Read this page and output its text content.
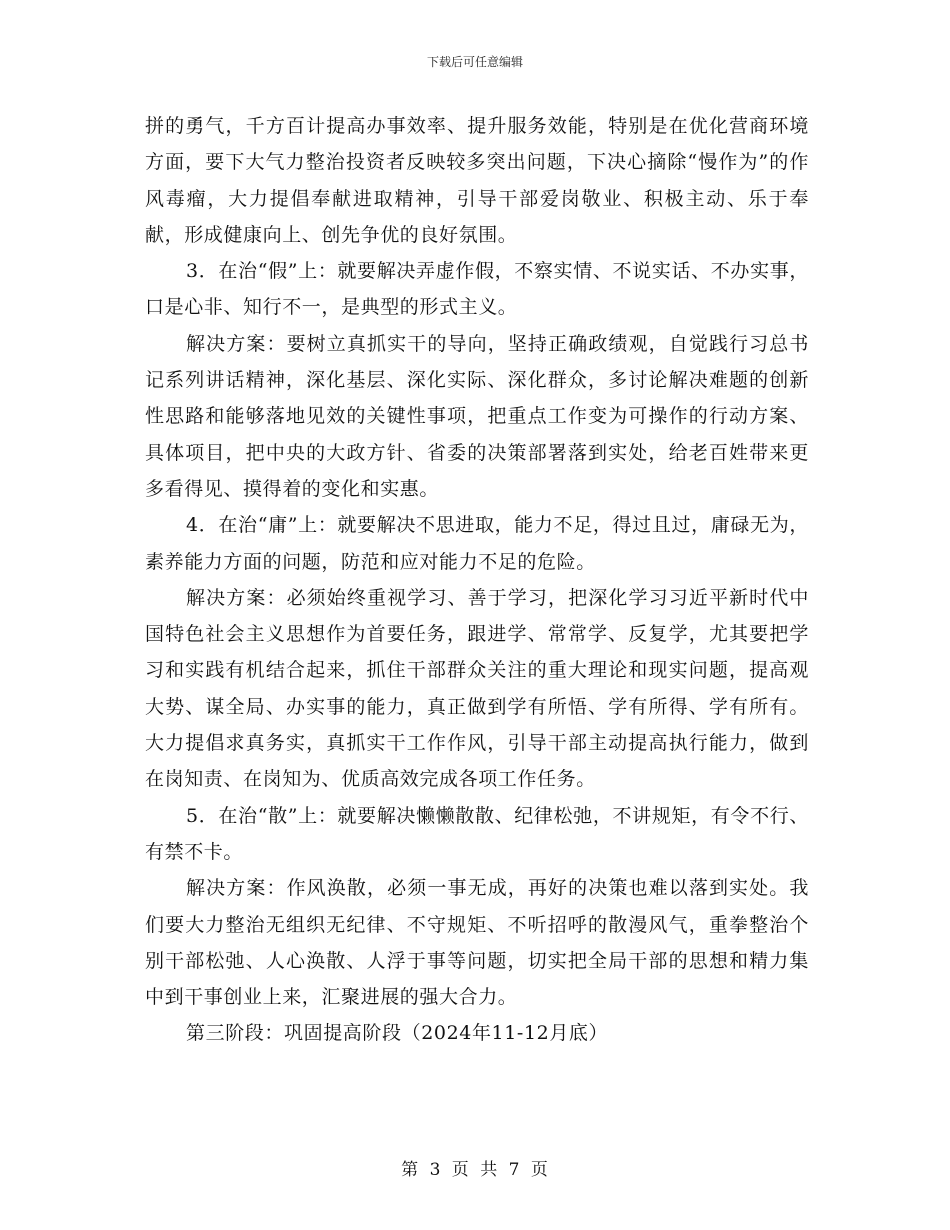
下载后可任意编辑

拼的勇气，千方百计提高办事效率、提升服务效能，特别是在优化营商环境方面，要下大气力整治投资者反映较多突出问题，下决心摘除“慢作为”的作风毒瘤，大力提倡奉献进取精神，引导干部爱岗敬业、积极主动、乐于奉献，形成健康向上、创先争优的良好氛围。

3．在治“假”上：就要解决弄虚作假，不察实情、不说实话、不办实事，口是心非、知行不一，是典型的形式主义。

解决方案：要树立真抓实干的导向，坚持正确政绩观，自觉践行习总书记系列讲话精神，深化基层、深化实际、深化群众，多讨论解决难题的创新性思路和能够落地见效的关键性事项，把重点工作变为可操作的行动方案、具体项目，把中央的大政方针、省委的决策部署落到实处，给老百姓带来更多看得见、摸得着的变化和实惠。

4．在治“庸”上：就要解决不思进取，能力不足，得过且过，庸碌无为，素养能力方面的问题，防范和应对能力不足的危险。

解决方案：必须始终重视学习、善于学习，把深化学习习近平新时代中国特色社会主义思想作为首要任务，跟进学、常常学、反复学，尤其要把学习和实践有机结合起来，抓住干部群众关注的重大理论和现实问题，提高观大势、谋全局、办实事的能力，真正做到学有所悟、学有所得、学有所有。大力提倡求真务实，真抓实干工作作风，引导干部主动提高执行能力，做到在岗知责、在岗知为、优质高效完成各项工作任务。

5．在治“散”上：就要解决懒懒散散、纪律松弛，不讲规矩，有令不行、有禁不卡。

解决方案：作风涣散，必须一事无成，再好的决策也难以落到实处。我们要大力整治无组织无纪律、不守规矩、不听招呼的散漫风气，重拳整治个别干部松弛、人心涣散、人浮于事等问题，切实把全局干部的思想和精力集中到干事创业上来，汇聚进展的强大合力。

第三阶段：巩固提高阶段（2024年11-12月底）

第 3 页 共 7 页
